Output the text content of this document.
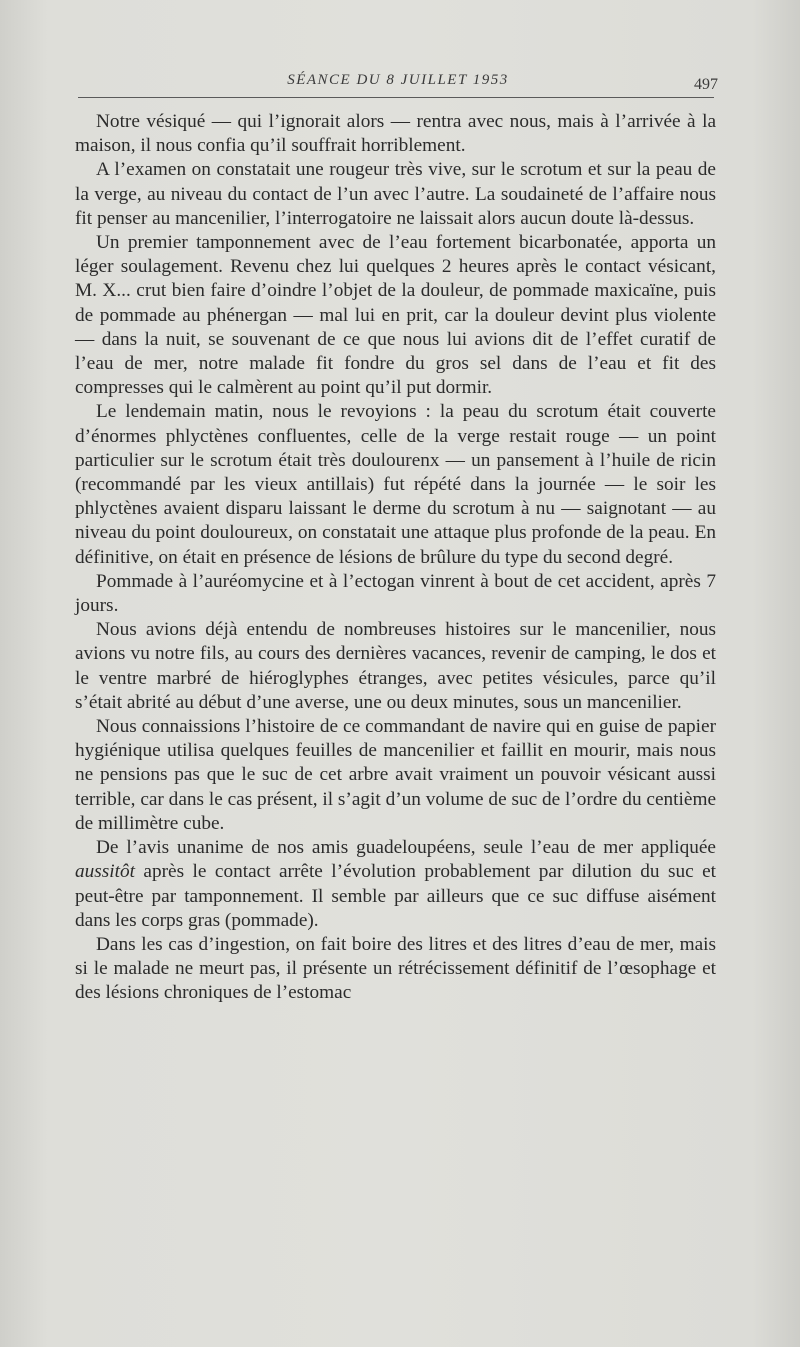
SÉANCE DU 8 JUILLET 1953	497

Notre vésiqué — qui l’ignorait alors — rentra avec nous, mais à l’arrivée à la maison, il nous confia qu’il souffrait horriblement.

A l’examen on constatait une rougeur très vive, sur le scrotum et sur la peau de la verge, au niveau du contact de l’un avec l’autre. La soudaineté de l’affaire nous fit penser au mancenilier, l’interrogatoire ne laissait alors aucun doute là-dessus.

Un premier tamponnement avec de l’eau fortement bicarbonatée, apporta un léger soulagement. Revenu chez lui quelques 2 heures après le contact vésicant, M. X... crut bien faire d’oindre l’objet de la douleur, de pommade maxicaïne, puis de pommade au phénergan — mal lui en prit, car la douleur devint plus violente — dans la nuit, se souvenant de ce que nous lui avions dit de l’effet curatif de l’eau de mer, notre malade fit fondre du gros sel dans de l’eau et fit des compresses qui le calmèrent au point qu’il put dormir.

Le lendemain matin, nous le revoyions : la peau du scrotum était couverte d’énormes phlyctènes confluentes, celle de la verge restait rouge — un point particulier sur le scrotum était très doulourenx — un pansement à l’huile de ricin (recommandé par les vieux antillais) fut répété dans la journée — le soir les phlyctènes avaient disparu laissant le derme du scrotum à nu — saignotant — au niveau du point douloureux, on constatait une attaque plus profonde de la peau. En définitive, on était en présence de lésions de brûlure du type du second degré.

Pommade à l’auréomycine et à l’ectogan vinrent à bout de cet accident, après 7 jours.

Nous avions déjà entendu de nombreuses histoires sur le mancenilier, nous avions vu notre fils, au cours des dernières vacances, revenir de camping, le dos et le ventre marbré de hiéroglyphes étranges, avec petites vésicules, parce qu’il s’était abrité au début d’une averse, une ou deux minutes, sous un mancenilier.

Nous connaissions l’histoire de ce commandant de navire qui en guise de papier hygiénique utilisa quelques feuilles de mancenilier et faillit en mourir, mais nous ne pensions pas que le suc de cet arbre avait vraiment un pouvoir vésicant aussi terrible, car dans le cas présent, il s’agit d’un volume de suc de l’ordre du centième de millimètre cube.

De l’avis unanime de nos amis guadeloupéens, seule l’eau de mer appliquée aussitôt après le contact arrête l’évolution probablement par dilution du suc et peut-être par tamponnement. Il semble par ailleurs que ce suc diffuse aisément dans les corps gras (pommade).

Dans les cas d’ingestion, on fait boire des litres et des litres d’eau de mer, mais si le malade ne meurt pas, il présente un rétrécissement définitif de l’œsophage et des lésions chroniques de l’estomac
